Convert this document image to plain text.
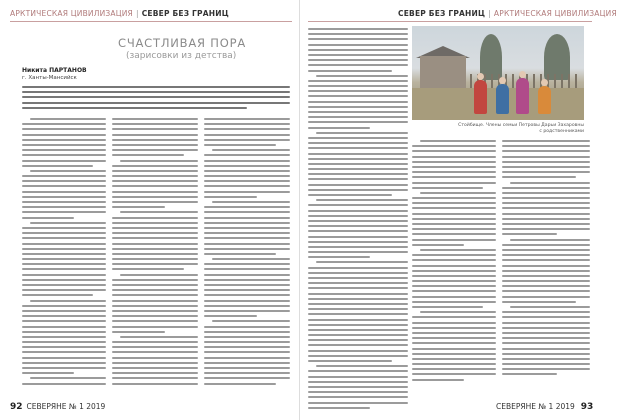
АРКТИЧЕСКАЯ ЦИВИЛИЗАЦИЯ | СЕВЕР БЕЗ ГРАНИЦ
СЧАСТЛИВАЯ ПОРА
(зарисовки из детства)
Никита ПАРТАНОВ
г. Ханты-Мансийск
92 СЕВЕРЯНЕ № 1 2019
СЕВЕР БЕЗ ГРАНИЦ | АРКТИЧЕСКАЯ ЦИВИЛИЗАЦИЯ
Стойбище. Члены семьи Петровы Дарьи Захаровны
с родственниками
СЕВЕРЯНЕ № 1 2019 93
